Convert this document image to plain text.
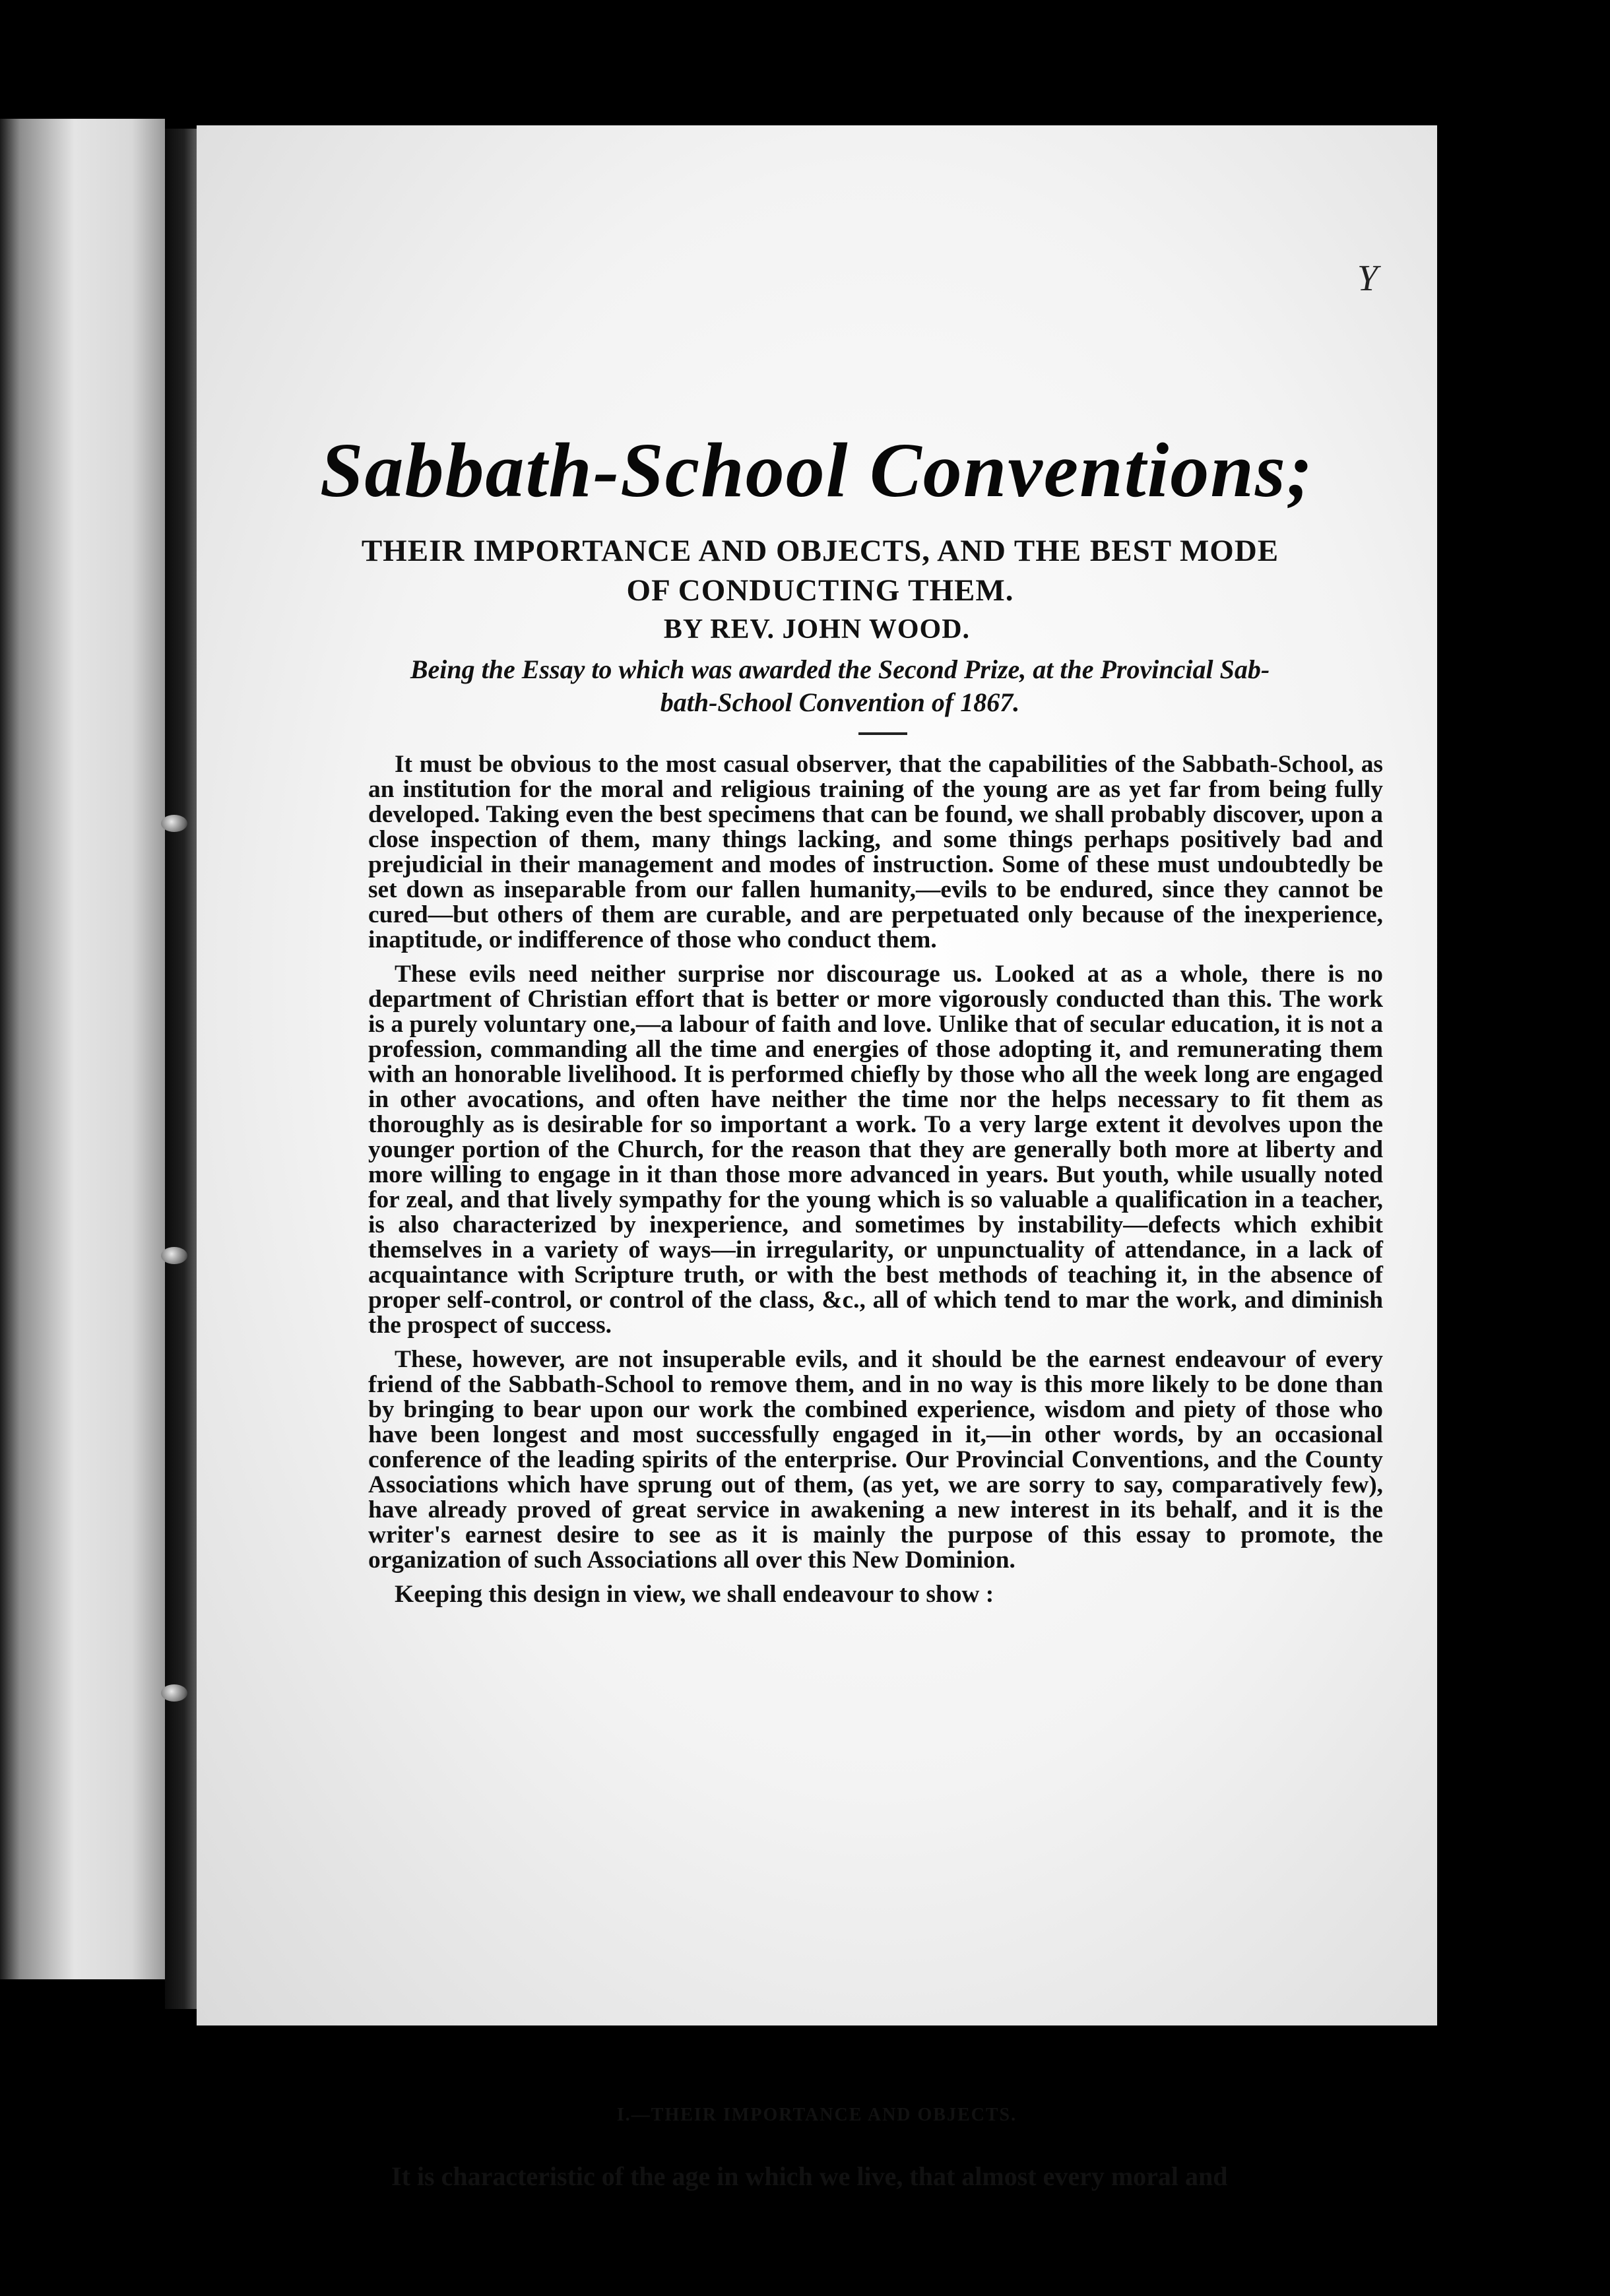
Y
Sabbath-School Conventions;
THEIR IMPORTANCE AND OBJECTS, AND THE BEST MODE
OF CONDUCTING THEM.
BY REV. JOHN WOOD.
Being the Essay to which was awarded the Second Prize, at the Provincial Sab-
bath-School Convention of 1867.

It must be obvious to the most casual observer, that the capabilities of the Sabbath-School, as an institution for the moral and religious training of the young are as yet far from being fully developed. Taking even the best specimens that can be found, we shall probably discover, upon a close inspection of them, many things lacking, and some things perhaps positively bad and prejudicial in their management and modes of instruction. Some of these must undoubtedly be set down as inseparable from our fallen humanity,—evils to be endured, since they cannot be cured—but others of them are curable, and are perpetuated only because of the inexperience, inaptitude, or indifference of those who conduct them.

These evils need neither surprise nor discourage us. Looked at as a whole, there is no department of Christian effort that is better or more vigorously conducted than this. The work is a purely voluntary one,—a labour of faith and love. Unlike that of secular education, it is not a profession, commanding all the time and energies of those adopting it, and remunerating them with an honorable livelihood. It is performed chiefly by those who all the week long are engaged in other avocations, and often have neither the time nor the helps necessary to fit them as thoroughly as is desirable for so important a work. To a very large extent it devolves upon the younger portion of the Church, for the reason that they are generally both more at liberty and more willing to engage in it than those more advanced in years. But youth, while usually noted for zeal, and that lively sympathy for the young which is so valuable a qualification in a teacher, is also characterized by inexperience, and sometimes by instability—defects which exhibit themselves in a variety of ways—in irregularity, or unpunctuality of attendance, in a lack of acquaintance with Scripture truth, or with the best methods of teaching it, in the absence of proper self-control, or control of the class, &c., all of which tend to mar the work, and diminish the prospect of success.

These, however, are not insuperable evils, and it should be the earnest endeavour of every friend of the Sabbath-School to remove them, and in no way is this more likely to be done than by bringing to bear upon our work the combined experience, wisdom and piety of those who have been longest and most successfully engaged in it,—in other words, by an occasional conference of the leading spirits of the enterprise. Our Provincial Conventions, and the County Associations which have sprung out of them, (as yet, we are sorry to say, comparatively few), have already proved of great service in awakening a new interest in its behalf, and it is the writer's earnest desire to see as it is mainly the purpose of this essay to promote, the organization of such Associations all over this New Dominion.

Keeping this design in view, we shall endeavour to show :

I.—THEIR IMPORTANCE AND OBJECTS.
It is characteristic of the age in which we live, that almost every moral and
